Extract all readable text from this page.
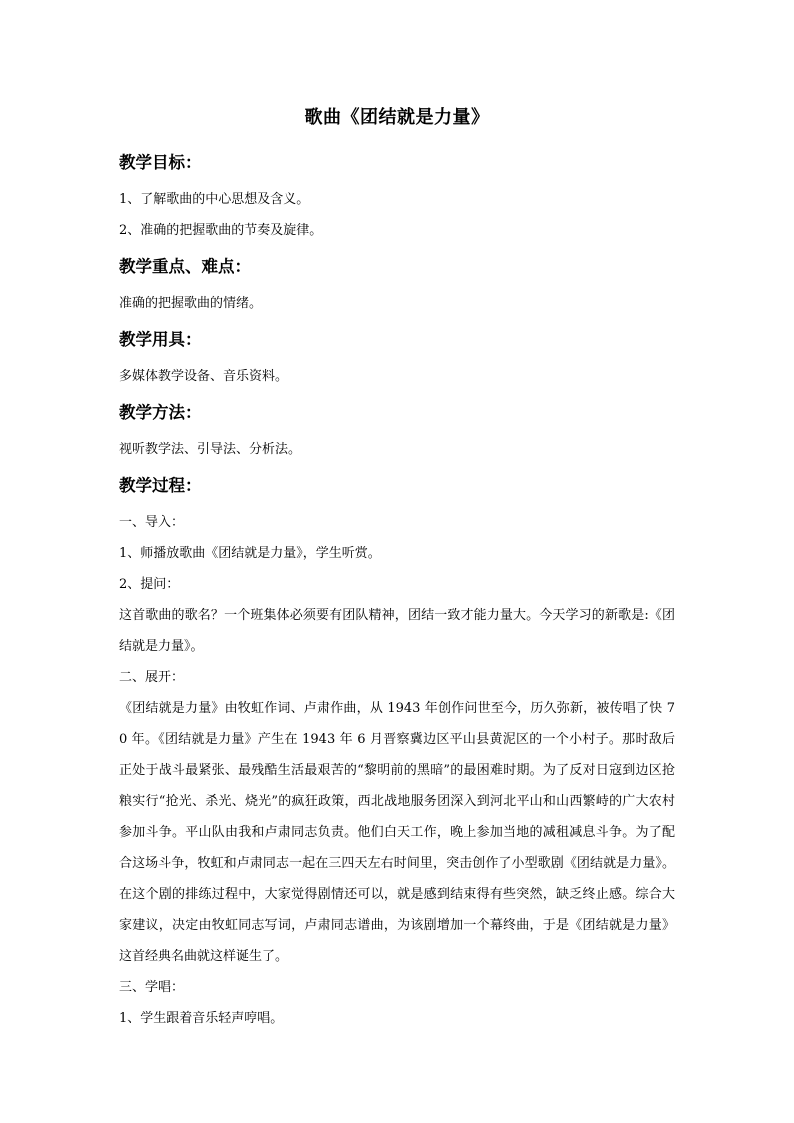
歌曲《团结就是力量》
教学目标：

1、了解歌曲的中心思想及含义。

2、准确的把握歌曲的节奏及旋律。

教学重点、难点：

准确的把握歌曲的情绪。

教学用具：

多媒体教学设备、音乐资料。

教学方法：

视听教学法、引导法、分析法。

教学过程：

一、导入：

1、师播放歌曲《团结就是力量》，学生听赏。

2、提问：

这首歌曲的歌名？一个班集体必须要有团队精神，团结一致才能力量大。今天学习的新歌是:《团结就是力量》。

二、展开：

《团结就是力量》由牧虹作词、卢肃作曲，从 1943 年创作问世至今，历久弥新，被传唱了快 70 年。《团结就是力量》产生在 1943 年 6 月晋察冀边区平山县黄泥区的一个小村子。那时敌后正处于战斗最紧张、最残酷生活最艰苦的“黎明前的黑暗”的最困难时期。为了反对日寇到边区抢粮实行“抢光、杀光、烧光”的疯狂政策，西北战地服务团深入到河北平山和山西繁峙的广大农村参加斗争。平山队由我和卢肃同志负责。他们白天工作，晚上参加当地的减租减息斗争。为了配合这场斗争，牧虹和卢肃同志一起在三四天左右时间里，突击创作了小型歌剧《团结就是力量》。在这个剧的排练过程中，大家觉得剧情还可以，就是感到结束得有些突然，缺乏终止感。综合大家建议，决定由牧虹同志写词，卢肃同志谱曲，为该剧增加一个幕终曲，于是《团结就是力量》这首经典名曲就这样诞生了。

三、学唱：

1、学生跟着音乐轻声哼唱。
